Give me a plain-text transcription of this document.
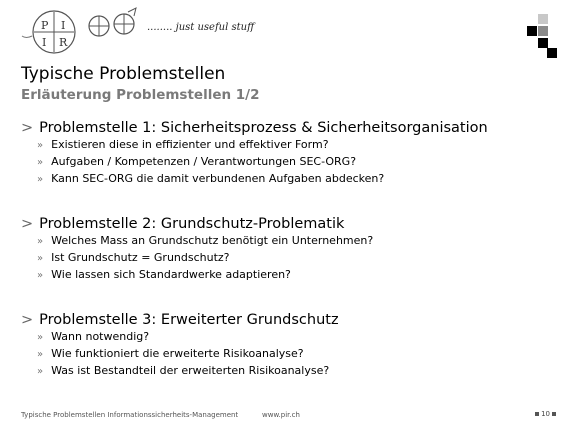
P I
I R
........ just useful stuff
Typische Problemstellen
Erläuterung Problemstellen 1/2
> Problemstelle 1: Sicherheitsprozess & Sicherheitsorganisation
» Existieren diese in effizienter und effektiver Form?
» Aufgaben / Kompetenzen / Verantwortungen SEC-ORG?
» Kann SEC-ORG die damit verbundenen Aufgaben abdecken?
> Problemstelle 2: Grundschutz-Problematik
» Welches Mass an Grundschutz benötigt ein Unternehmen?
» Ist Grundschutz = Grundschutz?
» Wie lassen sich Standardwerke adaptieren?
> Problemstelle 3: Erweiterter Grundschutz
» Wann notwendig?
» Wie funktioniert die erweiterte Risikoanalyse?
» Was ist Bestandteil der erweiterten Risikoanalyse?
Typische Problemstellen Informationssicherheits-Management	www.pir.ch	10
